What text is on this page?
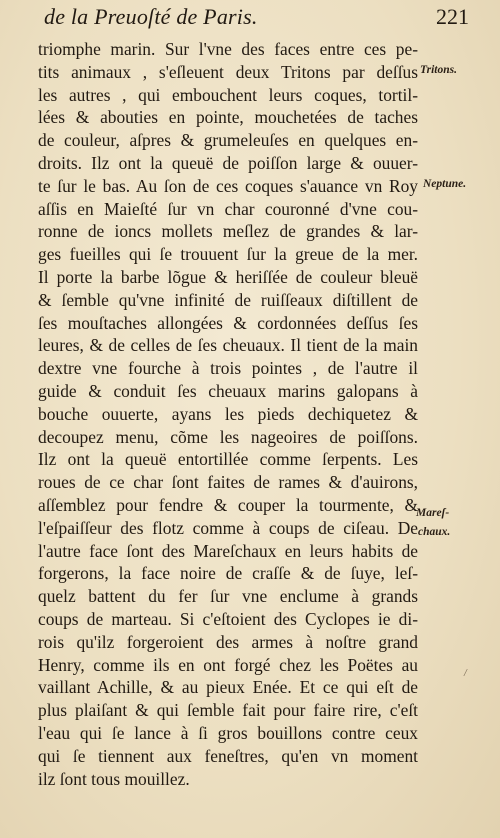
de la Preuoſté de Paris.	221
triomphe marin. Sur l'vne des faces entre ces pe-
tits animaux , s'eſleuent deux Tritons par deſſus
les autres , qui embouchent leurs coques, tortil-
lées & abouties en pointe, mouchetées de taches
de couleur, aſpres & grumeleuſes en quelques en-
droits. Ilz ont la queuë de poiſſon large & ouuer-
te ſur le bas. Au ſon de ces coques s'auance vn Roy
aſſis en Maieſté ſur vn char couronné d'vne cou-
ronne de ioncs mollets meſlez de grandes & lar-
ges fueilles qui ſe trouuent ſur la greue de la mer.
Il porte la barbe lõgue & heriſſée de couleur bleuë
& ſemble qu'vne infinité de ruiſſeaux diſtillent de
ſes mouſtaches allongées & cordonnées deſſus ſes
leures, & de celles de ſes cheuaux. Il tient de la main
dextre vne fourche à trois pointes , de l'autre il
guide & conduit ſes cheuaux marins galopans à
bouche ouuerte, ayans les pieds dechiquetez &
decoupez menu, cõme les nageoires de poiſſons.
Ilz ont la queuë entortillée comme ſerpents. Les
roues de ce char ſont faites de rames & d'auirons,
aſſemblez pour fendre & couper la tourmente, &
l'eſpaiſſeur des flotz comme à coups de ciſeau. De
l'autre face ſont des Mareſchaux en leurs habits de
forgerons, la face noire de craſſe & de ſuye, leſ-
quelz battent du fer ſur vne enclume à grands
coups de marteau. Si c'eſtoient des Cyclopes ie di-
rois qu'ilz forgeroient des armes à noſtre grand
Henry, comme ils en ont forgé chez les Poëtes au
vaillant Achille, & au pieux Enée. Et ce qui eſt de
plus plaiſant & qui ſemble fait pour faire rire, c'eſt
l'eau qui ſe lance à ſi gros bouillons contre ceux
qui ſe tiennent aux feneſtres, qu'en vn moment
ilz ſont tous mouillez.
Tritons.
Neptune.
Mareſ-
chaux.
/
